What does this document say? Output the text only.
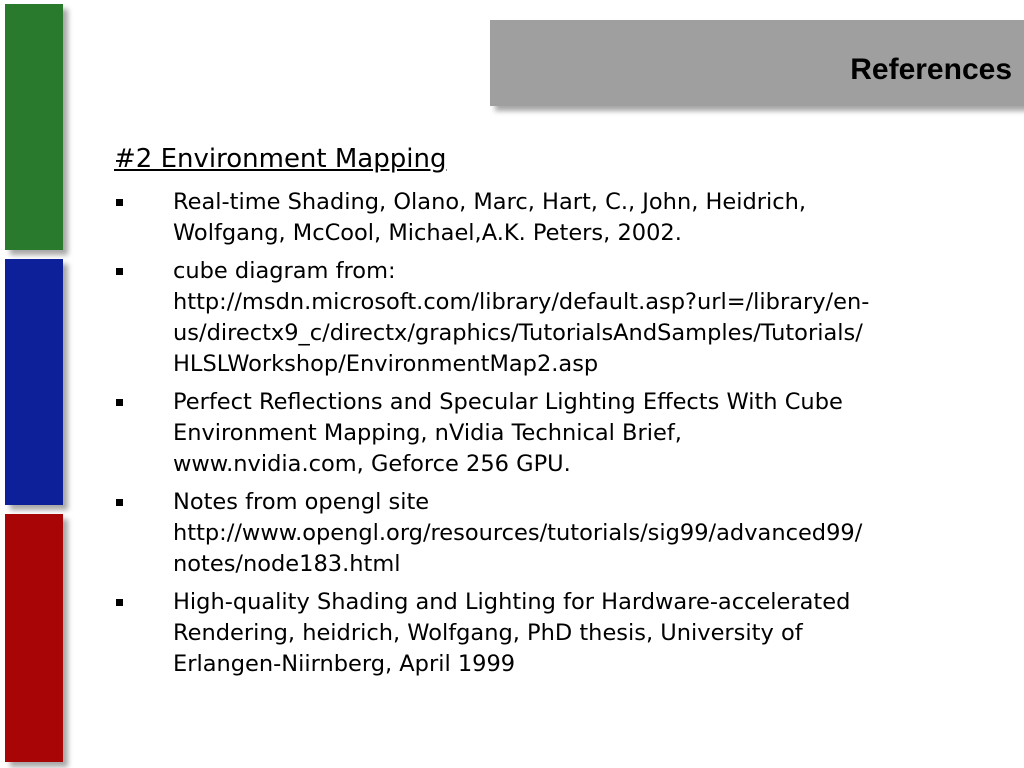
References
#2 Environment Mapping
Real-time Shading, Olano, Marc, Hart, C., John, Heidrich,
Wolfgang, McCool, Michael,A.K. Peters, 2002.
cube diagram from:
http://msdn.microsoft.com/library/default.asp?url=/library/en-
us/directx9_c/directx/graphics/TutorialsAndSamples/Tutorials/
HLSLWorkshop/EnvironmentMap2.asp
Perfect Reflections and Specular Lighting Effects With Cube
Environment Mapping, nVidia Technical Brief,
www.nvidia.com, Geforce 256 GPU.
Notes from opengl site
http://www.opengl.org/resources/tutorials/sig99/advanced99/
notes/node183.html
High-quality Shading and Lighting for Hardware-accelerated
Rendering, heidrich, Wolfgang, PhD thesis, University of
Erlangen-Niirnberg, April 1999
